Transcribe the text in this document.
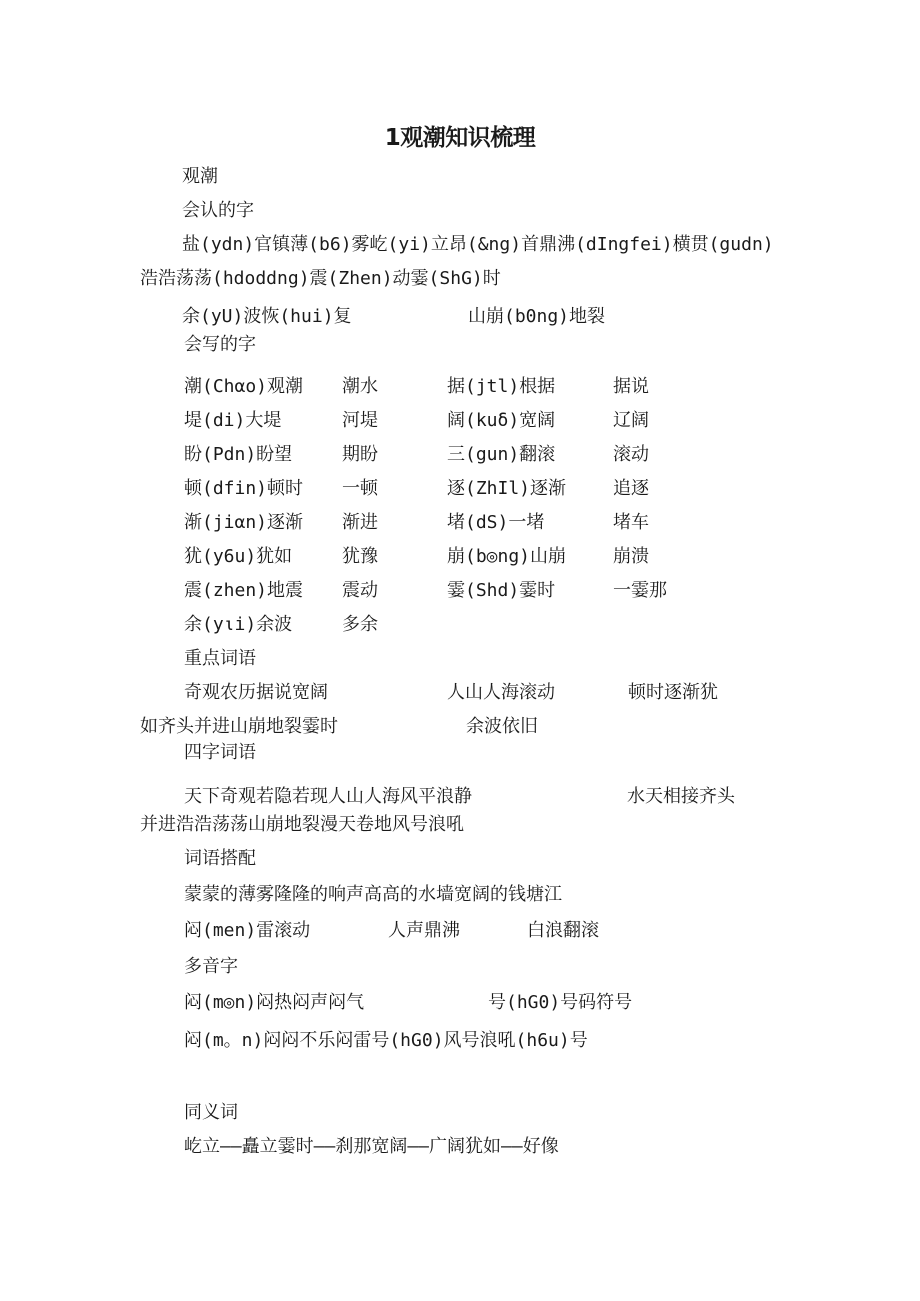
1观潮知识梳理
观潮
会认的字
盐(ydn)官镇薄(b6)雾屹(yi)立昂(&ng)首鼎沸(dIngfei)横贯(gudn)
浩浩荡荡(hdoddng)震(Zhen)动霎(ShG)时
余(yU)波恢(hui)复	山崩(b0ng)地裂
会写的字
潮(Chαo)观潮 潮水	据(jtl)根据	据说
堤(di)大堤	河堤	阔(kuδ)宽阔	辽阔
盼(Pdn)盼望	期盼	三(gun)翻滚	滚动
顿(dfin)顿时 一顿	逐(ZhIl)逐渐	追逐
渐(jiαn)逐渐 渐进	堵(dS)一堵	堵车
犹(y6u)犹如	犹豫	崩(b◎ng)山崩	崩溃
震(zhen)地震 震动	霎(Shd)霎时	一霎那
余(yιi)余波	多余
重点词语
奇观农历据说宽阔	人山人海滚动	顿时逐渐犹
如齐头并进山崩地裂霎时	余波依旧
四字词语
天下奇观若隐若现人山人海风平浪静	水天相接齐头
并进浩浩荡荡山崩地裂漫天卷地风号浪吼
词语搭配
蒙蒙的薄雾隆隆的响声高高的水墙宽阔的钱塘江
闷(men)雷滚动	人声鼎沸	白浪翻滚
多音字
闷(m◎n)闷热闷声闷气	号(hG0)号码符号
闷(m。n)闷闷不乐闷雷号(hG0)风号浪吼(h6u)号
同义词
屹立——矗立霎时——刹那宽阔——广阔犹如——好像
